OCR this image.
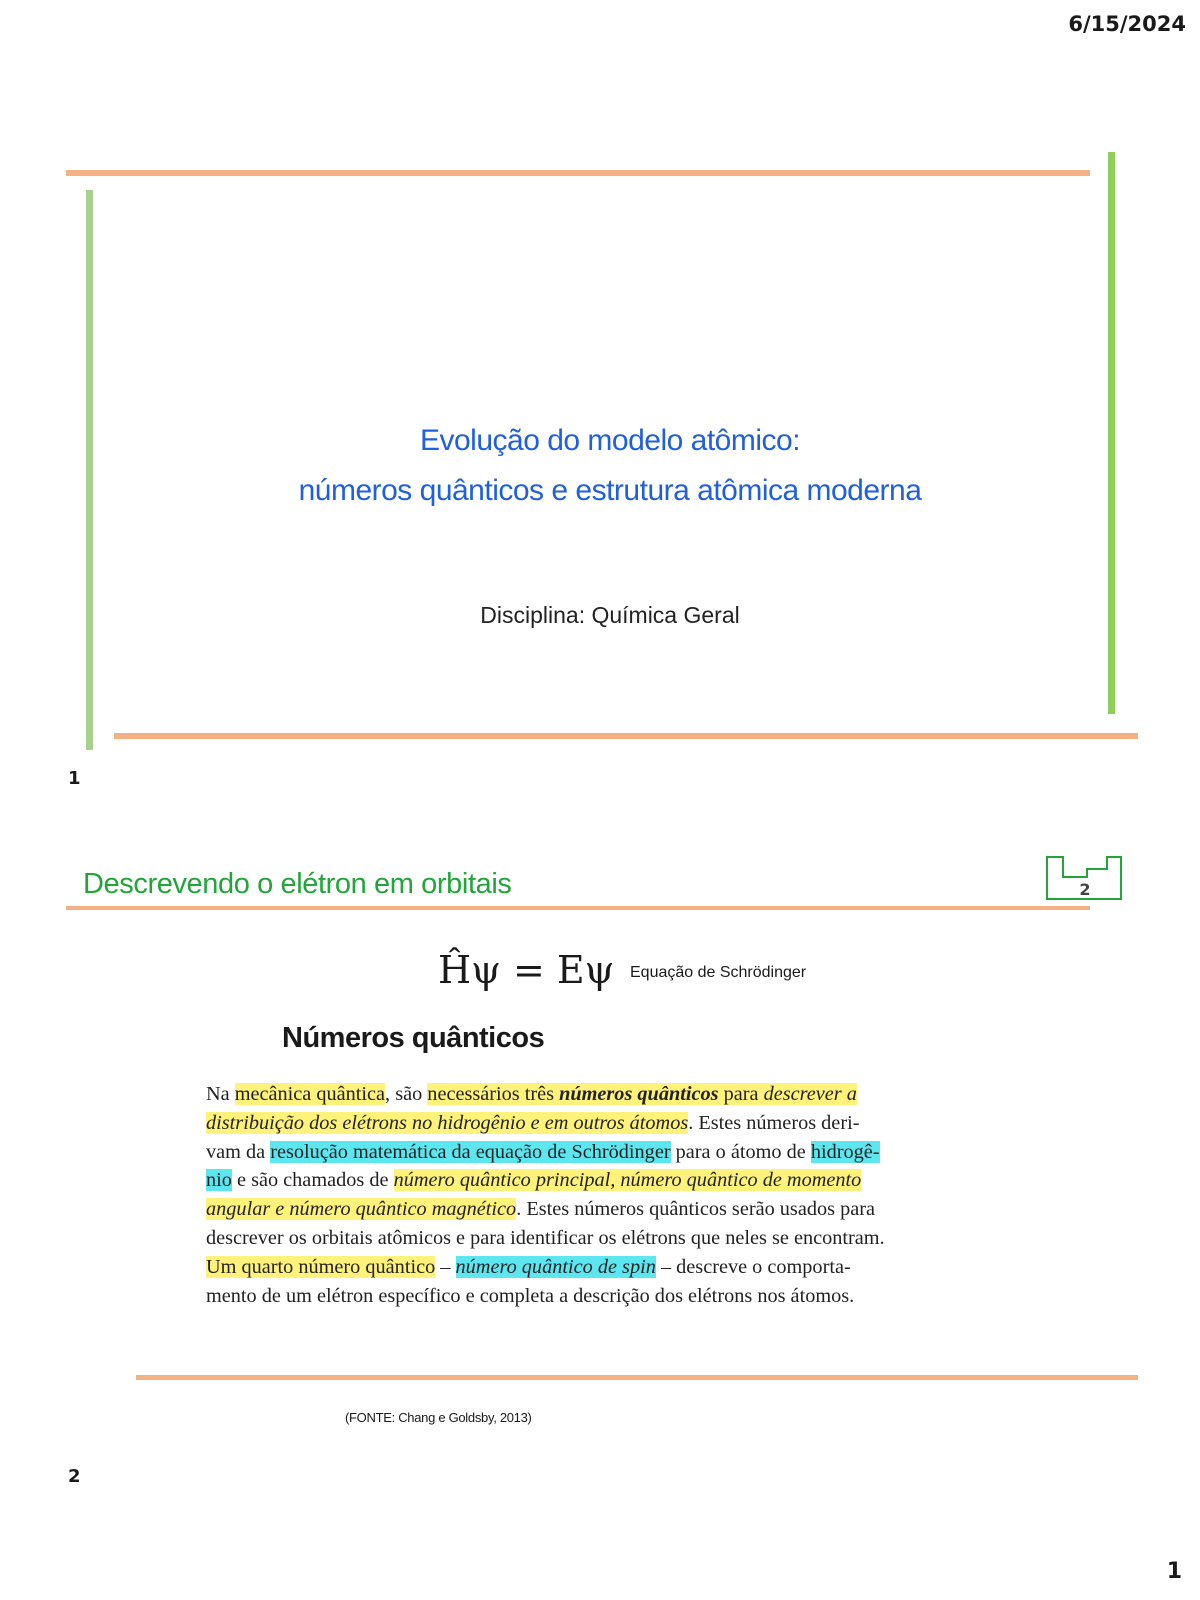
6/15/2024
Evolução do modelo atômico:
números quânticos e estrutura atômica moderna
Disciplina: Química Geral
1
Descrevendo o elétron em orbitais	2
Ĥψ = Eψ Equação de Schrödinger
Números quânticos
Na mecânica quântica, são necessários três números quânticos para descrever a
distribuição dos elétrons no hidrogênio e em outros átomos. Estes números deri-
vam da resolução matemática da equação de Schrödinger para o átomo de hidrogê-
nio e são chamados de número quântico principal, número quântico de momento
angular e número quântico magnético. Estes números quânticos serão usados para
descrever os orbitais atômicos e para identificar os elétrons que neles se encontram.
Um quarto número quântico – número quântico de spin – descreve o comporta-
mento de um elétron específico e completa a descrição dos elétrons nos átomos.
(FONTE: Chang e Goldsby, 2013)
2
1
